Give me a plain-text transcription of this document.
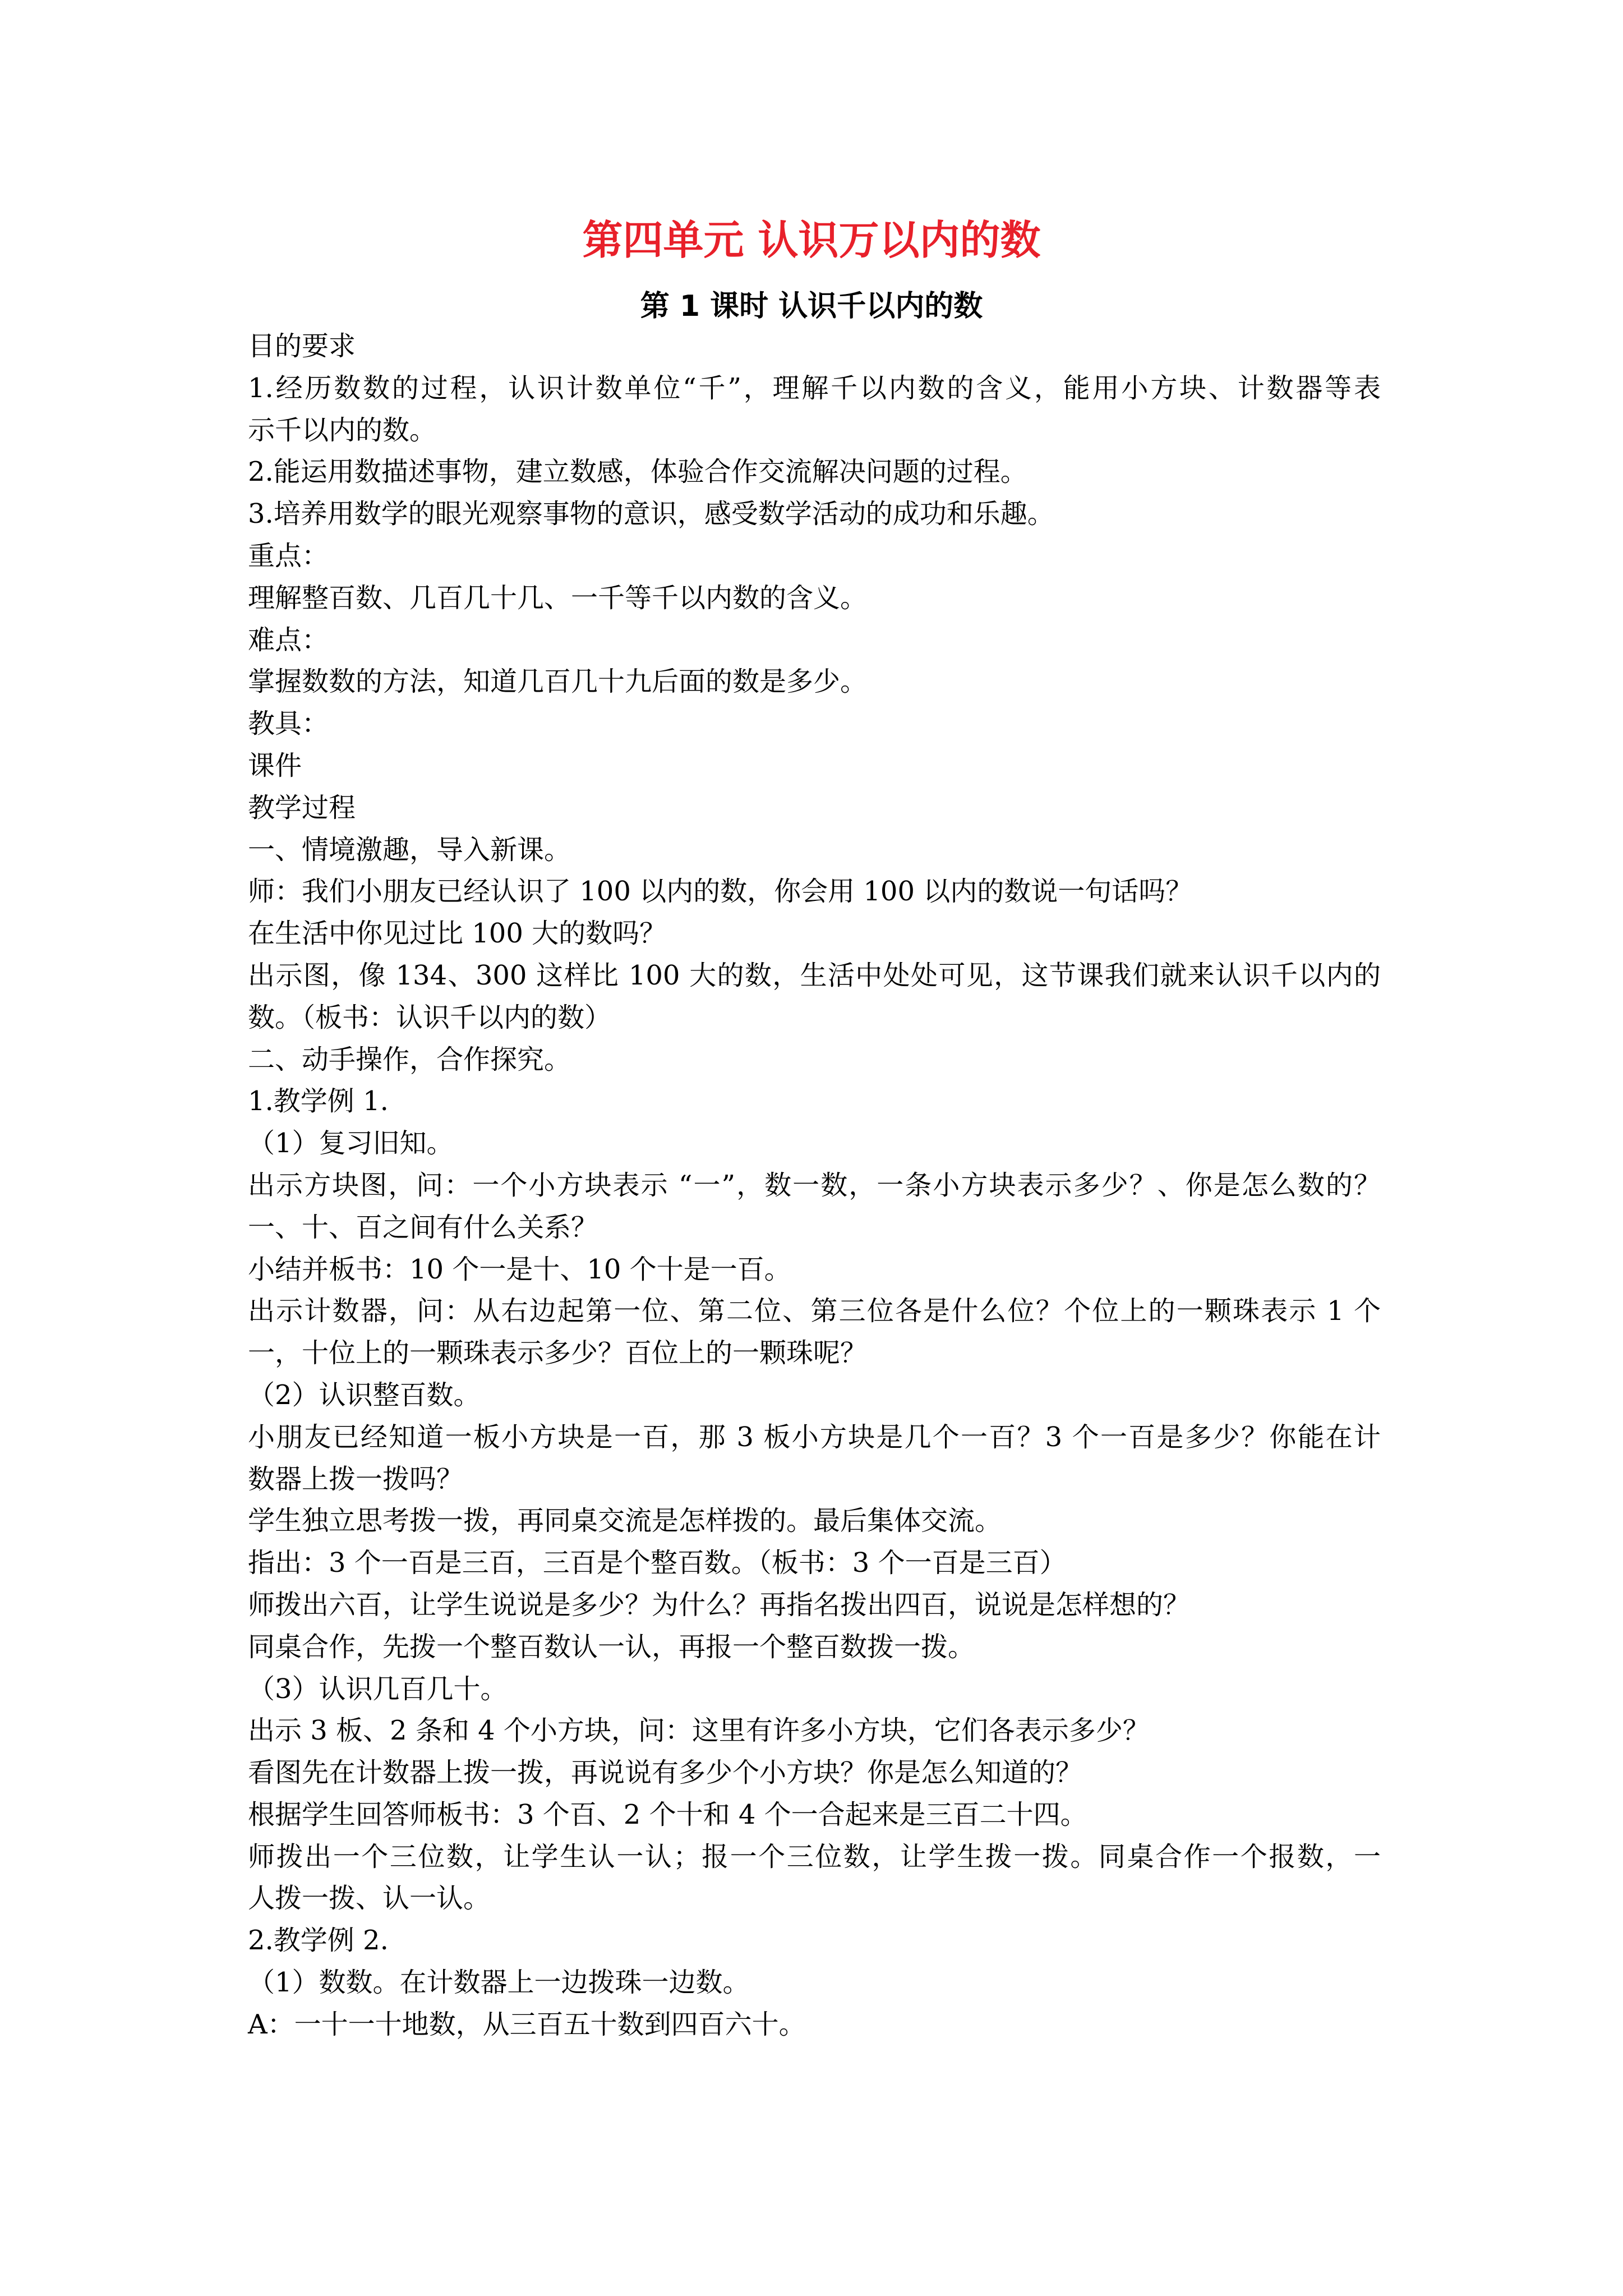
第四单元 认识万以内的数
第 1 课时 认识千以内的数
目的要求
1.经历数数的过程，认识计数单位“千”，理解千以内数的含义，能用小方块、计数器等表
示千以内的数。
2.能运用数描述事物，建立数感，体验合作交流解决问题的过程。
3.培养用数学的眼光观察事物的意识，感受数学活动的成功和乐趣。
重点：
理解整百数、几百几十几、一千等千以内数的含义。
难点：
掌握数数的方法，知道几百几十九后面的数是多少。
教具：
课件
教学过程
一、情境激趣，导入新课。
师：我们小朋友已经认识了 100 以内的数，你会用 100 以内的数说一句话吗？
在生活中你见过比 100 大的数吗？
出示图，像 134、300 这样比 100 大的数，生活中处处可见，这节课我们就来认识千以内的
数。（板书：认识千以内的数）
二、动手操作，合作探究。
1.教学例 1.
（1）复习旧知。
出示方块图，问：一个小方块表示 “一”，数一数，一条小方块表示多少？、你是怎么数的？
一、十、百之间有什么关系？
小结并板书：10 个一是十、10 个十是一百。
出示计数器，问：从右边起第一位、第二位、第三位各是什么位？个位上的一颗珠表示 1 个
一，十位上的一颗珠表示多少？百位上的一颗珠呢？
（2）认识整百数。
小朋友已经知道一板小方块是一百，那 3 板小方块是几个一百？3 个一百是多少？你能在计
数器上拨一拨吗？
学生独立思考拨一拨，再同桌交流是怎样拨的。最后集体交流。
指出：3 个一百是三百，三百是个整百数。（板书：3 个一百是三百）
师拨出六百，让学生说说是多少？为什么？再指名拨出四百，说说是怎样想的？
同桌合作，先拨一个整百数认一认，再报一个整百数拨一拨。
（3）认识几百几十。
出示 3 板、2 条和 4 个小方块，问：这里有许多小方块，它们各表示多少？
看图先在计数器上拨一拨，再说说有多少个小方块？你是怎么知道的？
根据学生回答师板书：3 个百、2 个十和 4 个一合起来是三百二十四。
师拨出一个三位数，让学生认一认；报一个三位数，让学生拨一拨。同桌合作一个报数，一
人拨一拨、认一认。
2.教学例 2.
（1）数数。在计数器上一边拨珠一边数。
A：一十一十地数，从三百五十数到四百六十。
